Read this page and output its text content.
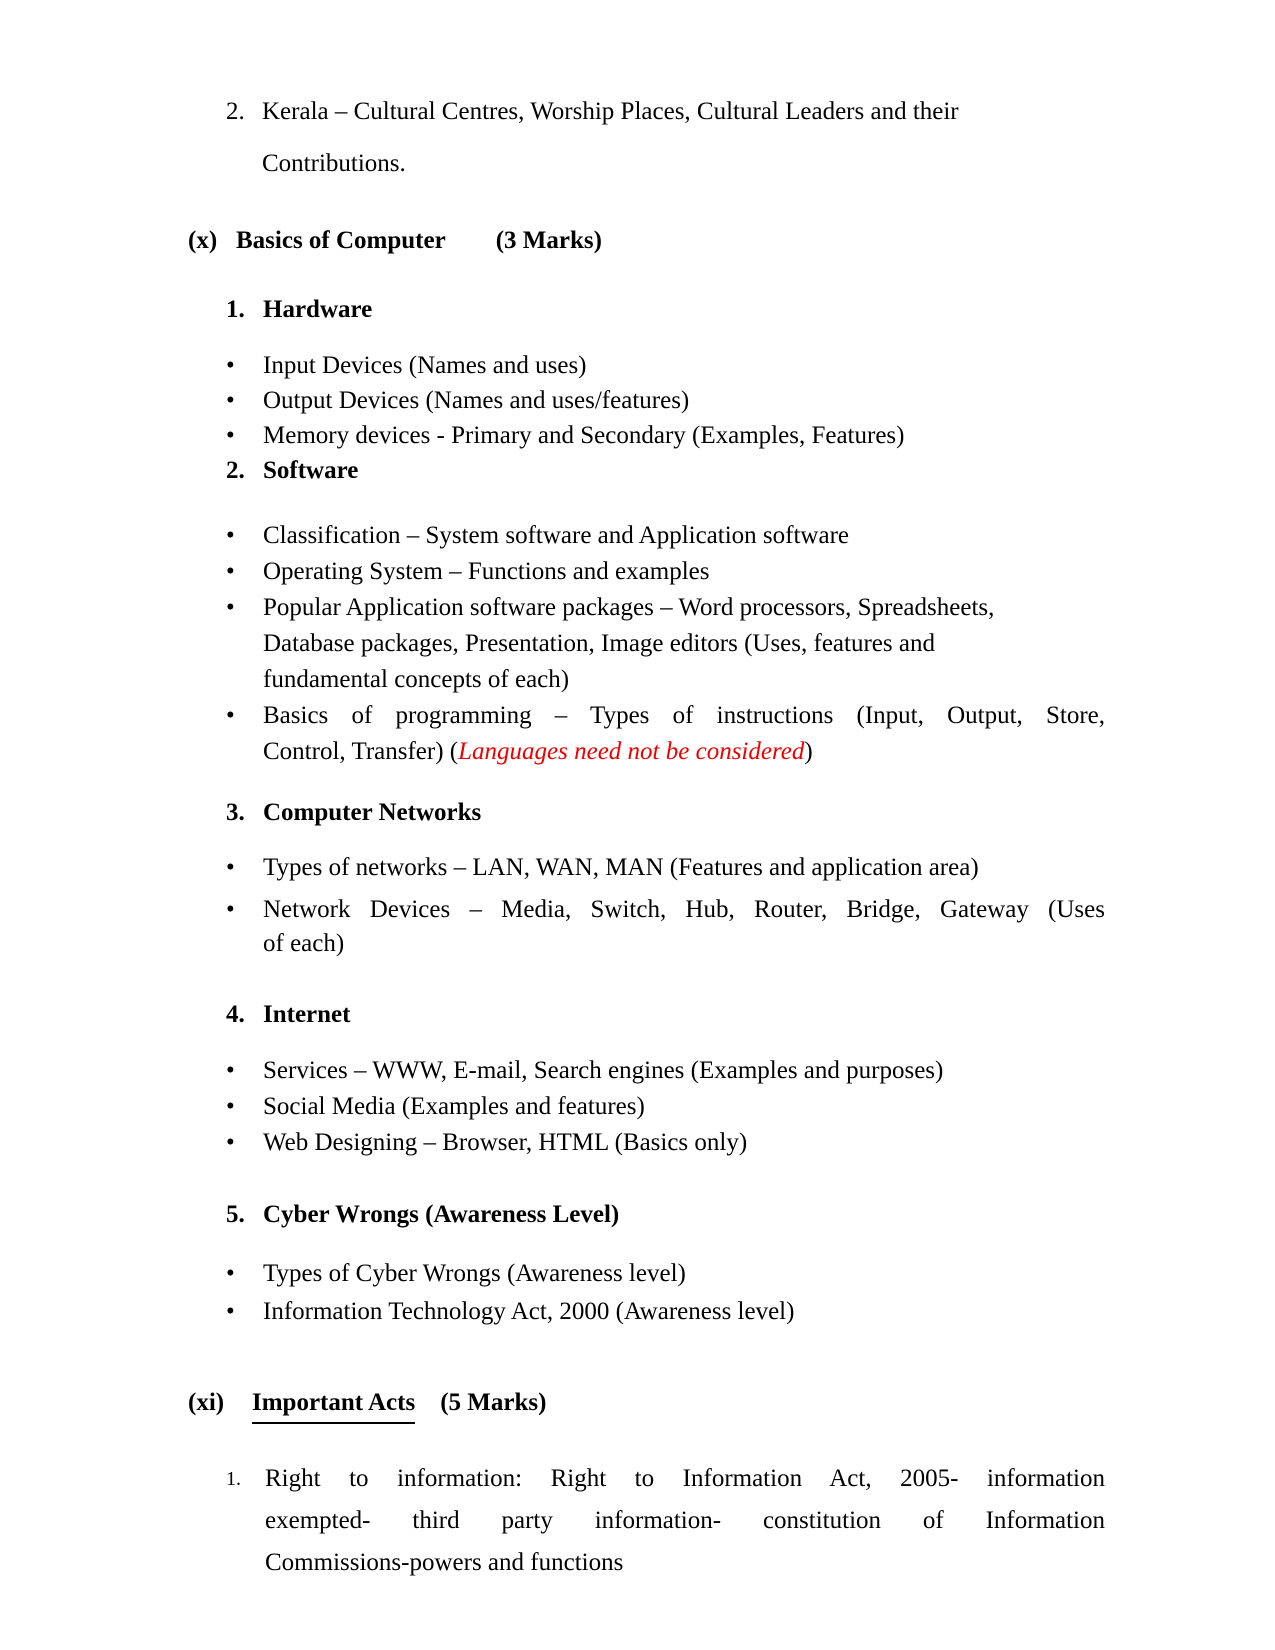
2. Kerala – Cultural Centres, Worship Places, Cultural Leaders and their
Contributions.
(x) Basics of Computer (3 Marks)
1. Hardware
•	Input Devices (Names and uses)
•	Output Devices (Names and uses/features)
•	Memory devices - Primary and Secondary (Examples, Features)
2. Software
•	Classification – System software and Application software
•	Operating System – Functions and examples
•	Popular Application software packages – Word processors, Spreadsheets,
Database packages, Presentation, Image editors (Uses, features and
fundamental concepts of each)
•	Basics of programming – Types of instructions (Input, Output, Store,
Control, Transfer) (Languages need not be considered)
3. Computer Networks
•	Types of networks – LAN, WAN, MAN (Features and application area)
•	Network Devices – Media, Switch, Hub, Router, Bridge, Gateway (Uses
of each)
4. Internet
•	Services – WWW, E-mail, Search engines (Examples and purposes)
•	Social Media (Examples and features)
•	Web Designing – Browser, HTML (Basics only)
5. Cyber Wrongs (Awareness Level)
•	Types of Cyber Wrongs (Awareness level)
•	Information Technology Act, 2000 (Awareness level)
(xi)	Important Acts (5 Marks)
1. Right to information: Right to Information Act, 2005- information
exempted- third party information- constitution of Information
Commissions-powers and functions
